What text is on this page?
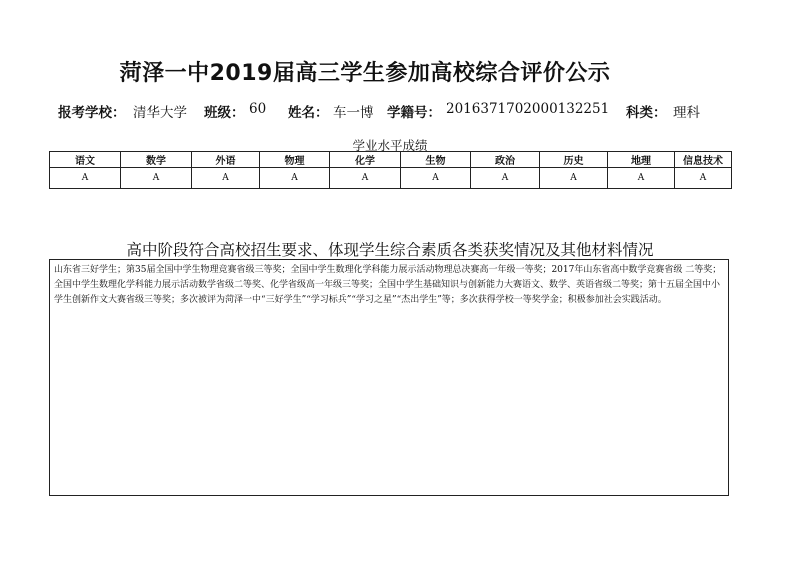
菏泽一中2019届高三学生参加高校综合评价公示
报考学校： 清华大学 班级： 60 姓名： 车一博 学籍号： 2016371702000132251 科类： 理科
学业水平成绩
语文	数学	外语	物理	化学	生物	政治	历史	地理	信息技术
A	A	A	A	A	A	A	A	A	A
高中阶段符合高校招生要求、体现学生综合素质各类获奖情况及其他材料情况
山东省三好学生；第35届全国中学生物理竞赛省级三等奖；全国中学生数理化学科能力展示活动物理总决赛高一年级一等奖；2017年山东省高中数学竞赛省级 二等奖；全国中学生数理化学科能力展示活动数学省级二等奖、化学省级高一年级三等奖；全国中学生基础知识与创新能力大赛语文、数学、英语省级二等奖；第十五届全国中小学生创新作文大赛省级三等奖；多次被评为菏泽一中“三好学生”“学习标兵”“学习之星”“杰出学生”等；多次获得学校一等奖学金；积极参加社会实践活动。
